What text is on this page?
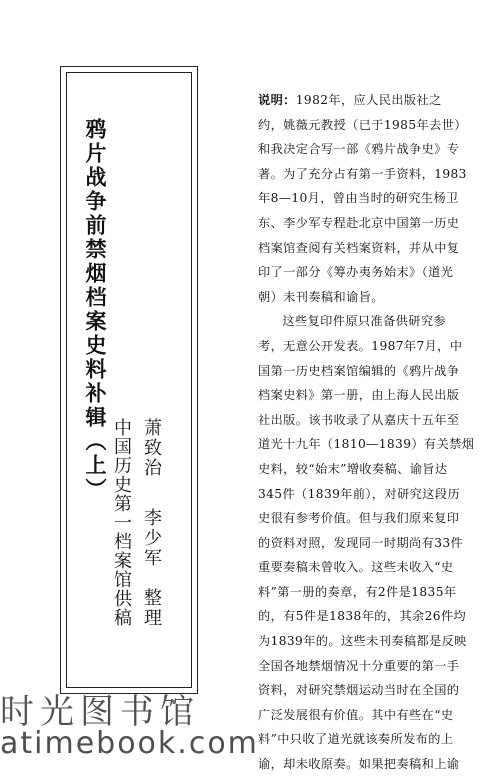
鸦片战争前禁烟档案史料补辑（上） 萧致治
李少军
整理
中国历史第一档案馆供稿

说明：1982年，应人民出版社之
约，姚薇元教授（已于1985年去世）
和我决定合写一部《鸦片战争史》专
著。为了充分占有第一手资料，1983
年8—10月，曾由当时的研究生杨卫
东、李少军专程赴北京中国第一历史
档案馆查阅有关档案资料，并从中复
印了一部分《筹办夷务始末》（道光
朝）未刊奏稿和谕旨。

这些复印件原只准备供研究参
考，无意公开发表。1987年7月，中
国第一历史档案馆编辑的《鸦片战争
档案史料》第一册，由上海人民出版
社出版。该书收录了从嘉庆十五年至
道光十九年（1810—1839）有关禁烟
史料，较“始末”增收奏稿、谕旨达
345件（1839年前），对研究这段历
史很有参考价值。但与我们原来复印
的资料对照，发现同一时期尚有33件
重要奏稿未曾收入。这些未收入“史
料”第一册的奏章，有2件是1835年
的，有5件是1838年的，其余26件均
为1839年的。这些未刊奏稿都是反映
全国各地禁烟情况十分重要的第一手
资料，对研究禁烟运动当时在全国的
广泛发展很有价值。其中有些在“史
料”中只收了道光就该奏所发布的上
谕，却未收原奏。如果把奏稿和上谕

时光图书馆
atimebook.com
